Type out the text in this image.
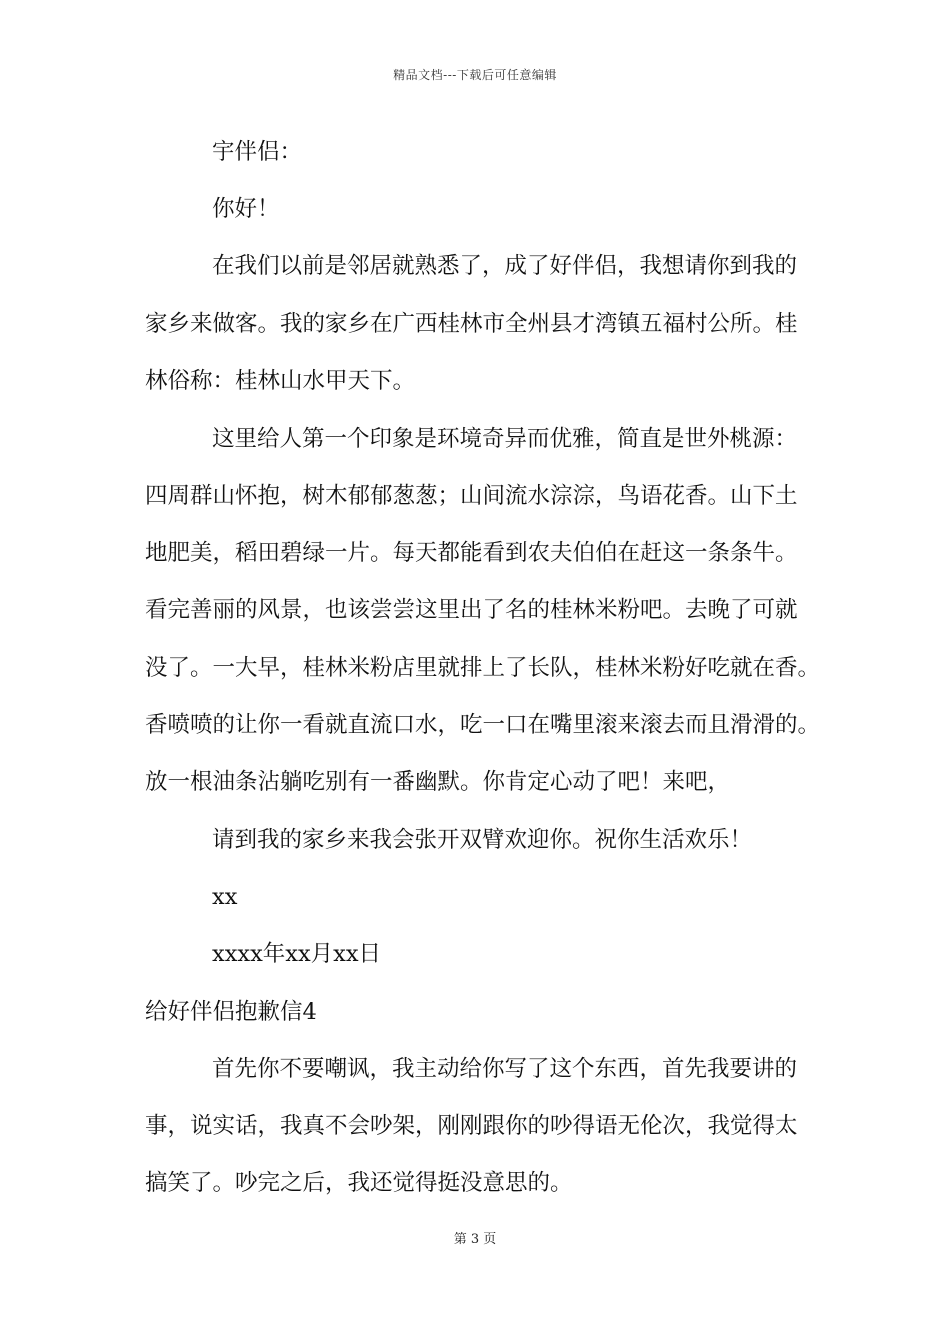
精品文档---下载后可任意编辑
宇伴侣：
你好！
在我们以前是邻居就熟悉了，成了好伴侣，我想请你到我的
家乡来做客。我的家乡在广西桂林市全州县才湾镇五福村公所。桂
林俗称：桂林山水甲天下。
这里给人第一个印象是环境奇异而优雅，简直是世外桃源：
四周群山怀抱，树木郁郁葱葱；山间流水淙淙，鸟语花香。山下土
地肥美，稻田碧绿一片。每天都能看到农夫伯伯在赶这一条条牛。
看完善丽的风景，也该尝尝这里出了名的桂林米粉吧。去晚了可就
没了。一大早，桂林米粉店里就排上了长队，桂林米粉好吃就在香。
香喷喷的让你一看就直流口水，吃一口在嘴里滚来滚去而且滑滑的。
放一根油条沾躺吃别有一番幽默。你肯定心动了吧！来吧，
请到我的家乡来我会张开双臂欢迎你。祝你生活欢乐！
xx
xxxx年xx月xx日
给好伴侣抱歉信4
首先你不要嘲讽，我主动给你写了这个东西，首先我要讲的
事，说实话，我真不会吵架，刚刚跟你的吵得语无伦次，我觉得太
搞笑了。吵完之后，我还觉得挺没意思的。
第 3 页
